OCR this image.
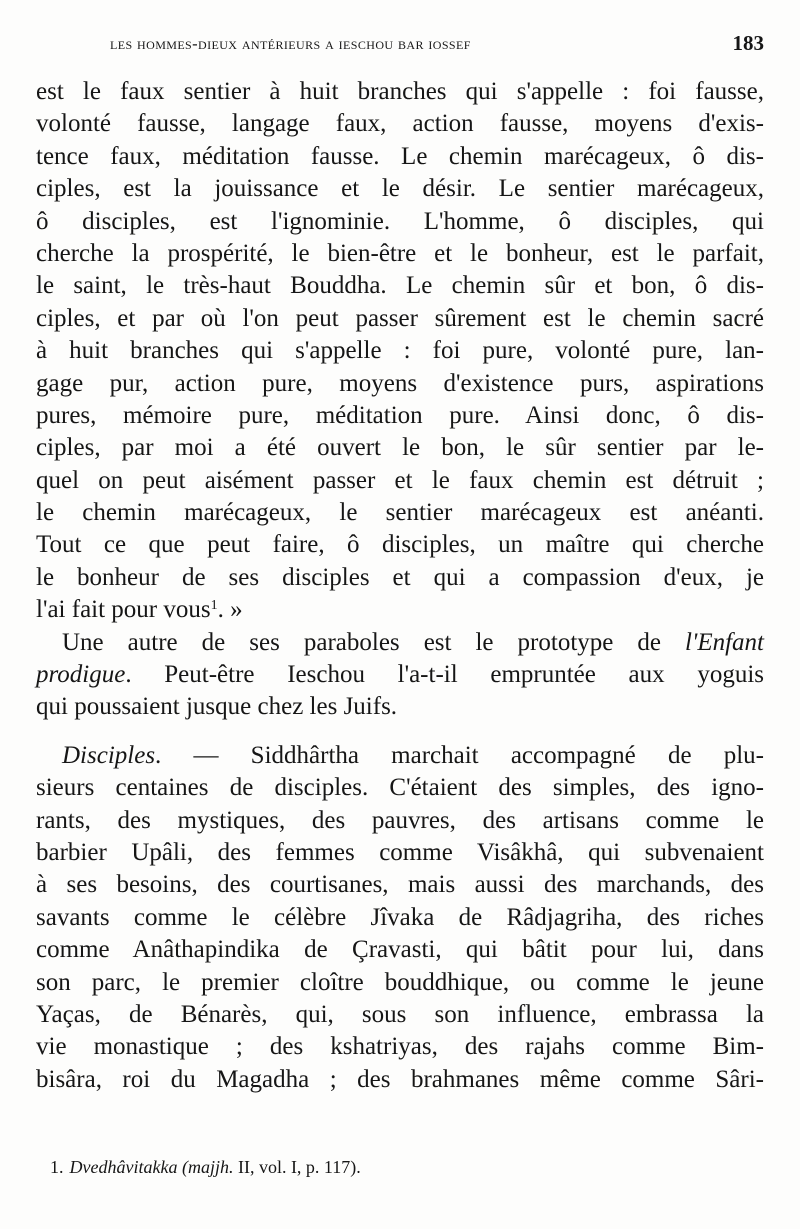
les hommes-dieux antérieurs a ieschou bar iossef	183
est le faux sentier à huit branches qui s'appelle : foi fausse,
volonté fausse, langage faux, action fausse, moyens d'exis-
tence faux, méditation fausse. Le chemin marécageux, ô dis-
ciples, est la jouissance et le désir. Le sentier marécageux,
ô disciples, est l'ignominie. L'homme, ô disciples, qui
cherche la prospérité, le bien-être et le bonheur, est le parfait,
le saint, le très-haut Bouddha. Le chemin sûr et bon, ô dis-
ciples, et par où l'on peut passer sûrement est le chemin sacré
à huit branches qui s'appelle : foi pure, volonté pure, lan-
gage pur, action pure, moyens d'existence purs, aspirations
pures, mémoire pure, méditation pure. Ainsi donc, ô dis-
ciples, par moi a été ouvert le bon, le sûr sentier par le-
quel on peut aisément passer et le faux chemin est détruit ;
le chemin marécageux, le sentier marécageux est anéanti.
Tout ce que peut faire, ô disciples, un maître qui cherche
le bonheur de ses disciples et qui a compassion d'eux, je
l'ai fait pour vous$^1$. »
Une autre de ses paraboles est le prototype de l'Enfant
prodigue. Peut-être Ieschou l'a-t-il empruntée aux yoguis
qui poussaient jusque chez les Juifs.
Disciples. — Siddhârtha marchait accompagné de plu-
sieurs centaines de disciples. C'étaient des simples, des igno-
rants, des mystiques, des pauvres, des artisans comme le
barbier Upâli, des femmes comme Visâkhâ, qui subvenaient
à ses besoins, des courtisanes, mais aussi des marchands, des
savants comme le célèbre Jîvaka de Râdjagriha, des riches
comme Anâthapindika de Çravasti, qui bâtit pour lui, dans
son parc, le premier cloître bouddhique, ou comme le jeune
Yaças, de Bénarès, qui, sous son influence, embrassa la
vie monastique ; des kshatriyas, des rajahs comme Bim-
bisâra, roi du Magadha ; des brahmanes même comme Sâri-
1. Dvedhâvitakka (majjh. II, vol. I, p. 117).
